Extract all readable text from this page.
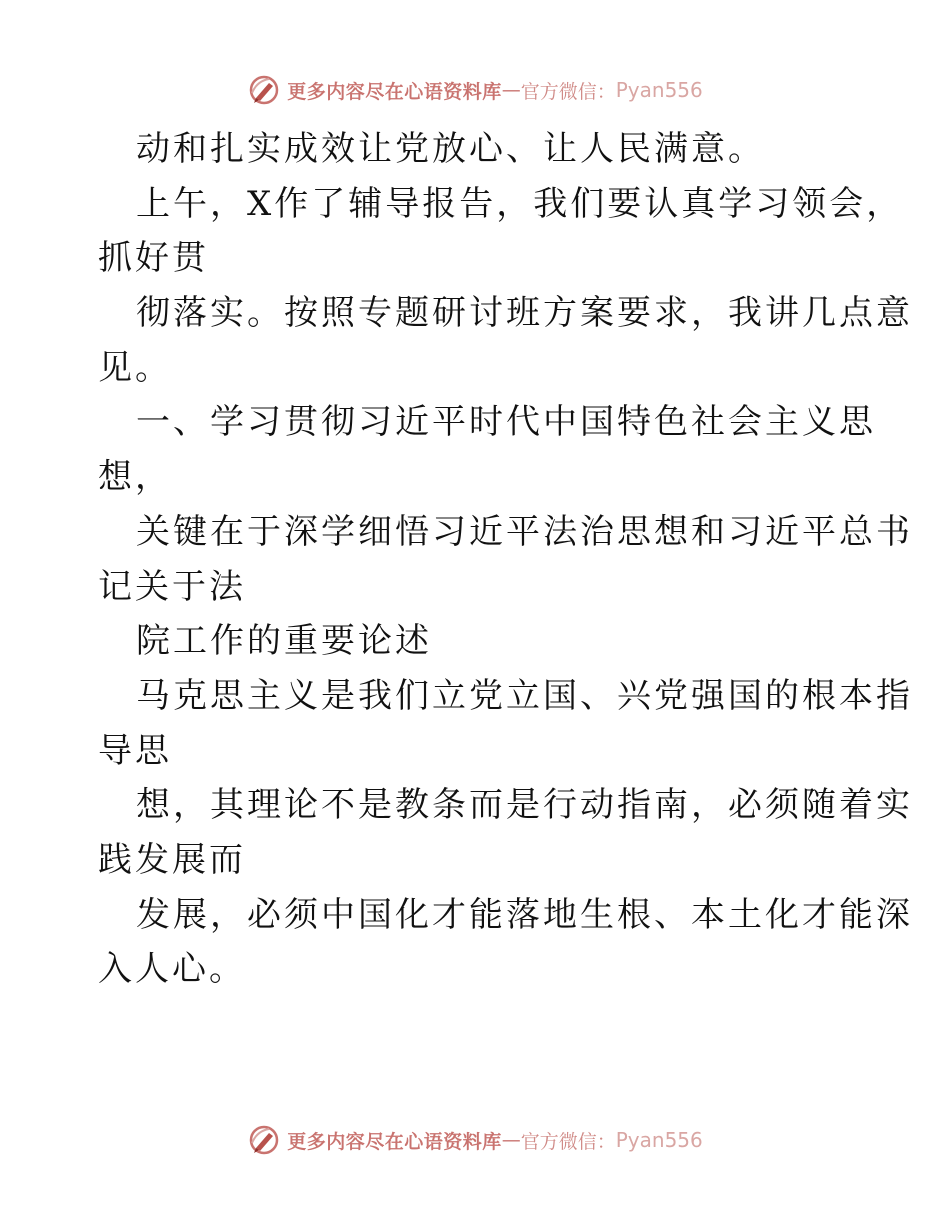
更多内容尽在心语资料库 — 官方微信： Pyan556
动和扎实成效让党放心、让人民满意。
上午，X作了辅导报告，我们要认真学习领会，
抓好贯
彻落实。按照专题研讨班方案要求，我讲几点意
见。
一、学习贯彻习近平时代中国特色社会主义思
想，
关键在于深学细悟习近平法治思想和习近平总书
记关于法
院工作的重要论述
马克思主义是我们立党立国、兴党强国的根本指
导思
想，其理论不是教条而是行动指南，必须随着实
践发展而
发展，必须中国化才能落地生根、本土化才能深
入人心。
更多内容尽在心语资料库 — 官方微信： Pyan556
